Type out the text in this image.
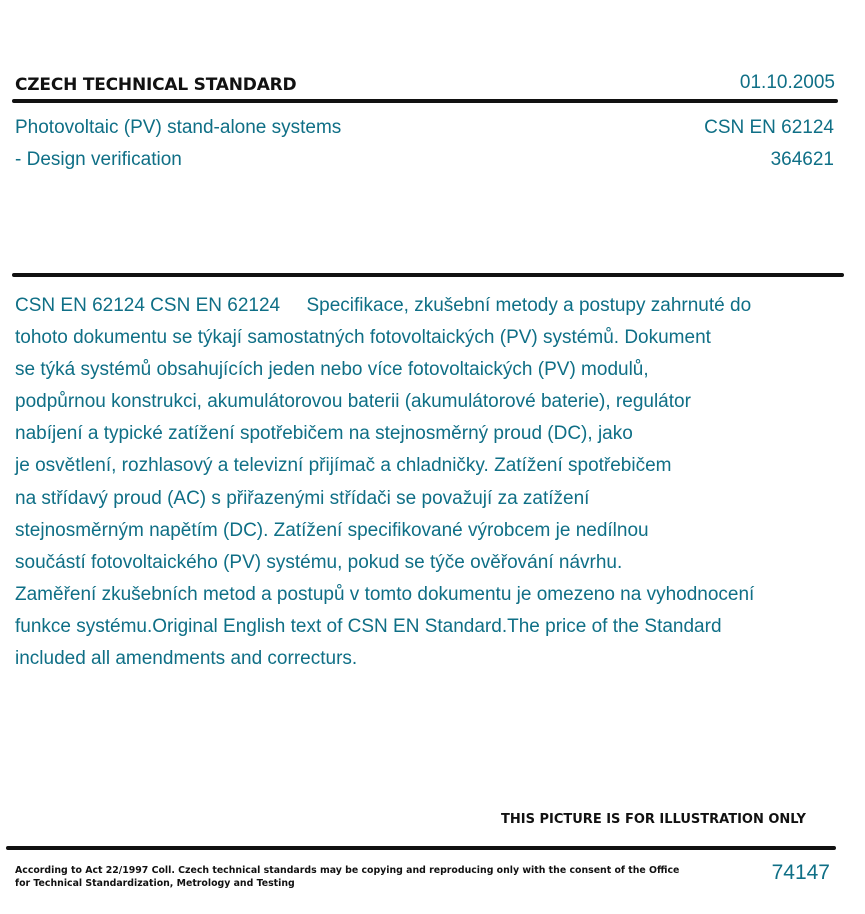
CZECH TECHNICAL STANDARD	01.10.2005
Photovoltaic (PV) stand-alone systems
- Design verification
CSN EN 62124
364621
CSN EN 62124 CSN EN 62124     Specifikace, zkušební metody a postupy zahrnuté do
tohoto dokumentu se týkají samostatných fotovoltaických (PV) systémů. Dokument
se týká systémů obsahujících jeden nebo více fotovoltaických (PV) modulů,
podpůrnou konstrukci, akumulátorovou baterii (akumulátorové baterie), regulátor
nabíjení a typické zatížení spotřebičem na stejnosměrný proud (DC), jako
je osvětlení, rozhlasový a televizní přijímač a chladničky. Zatížení spotřebičem
na střídavý proud (AC) s přiřazenými střídači se považují za zatížení
stejnosměrným napětím (DC). Zatížení specifikované výrobcem je nedílnou
součástí fotovoltaického (PV) systému, pokud se týče ověřování návrhu.
Zaměření zkušebních metod a postupů v tomto dokumentu je omezeno na vyhodnocení
funkce systému.Original English text of CSN EN Standard.The price of the Standard
included all amendments and correcturs.
THIS PICTURE IS FOR ILLUSTRATION ONLY
According to Act 22/1997 Coll. Czech technical standards may be copying and reproducing only with the consent of the Office
for Technical Standardization, Metrology and Testing	74147
